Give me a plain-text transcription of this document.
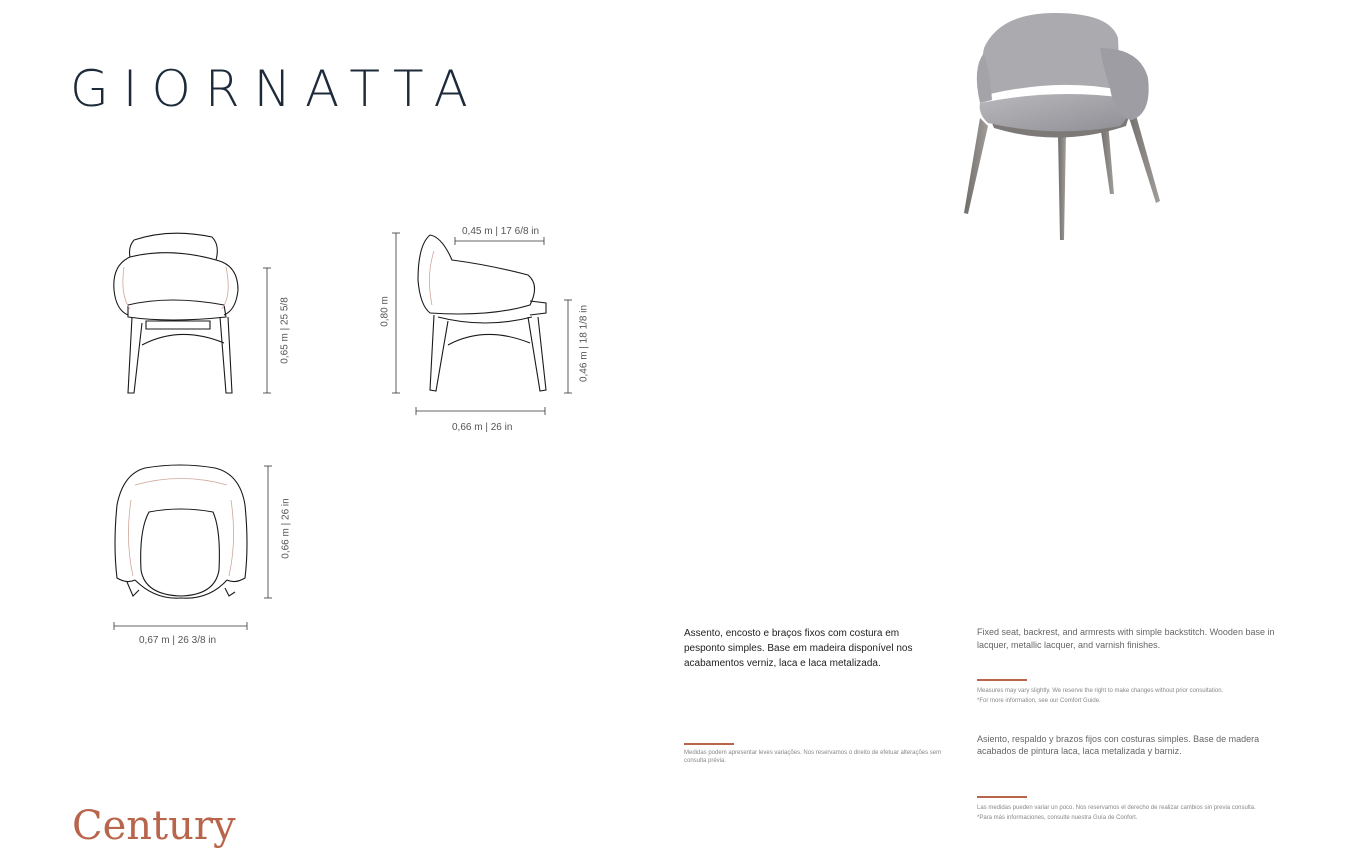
GIORNATTA
0,65 m | 25 5/8	0,80 m
0,45 m | 17 6/8 in
0,46 m | 18 1/8 in
0,66 m | 26 in
0,66 m | 26 in
0,67 m | 26 3/8 in
Assento, encosto e braços fixos com costura em pesponto simples. Base em madeira disponível nos acabamentos verniz, laca e laca metalizada.
Medidas podem apresentar leves variações. Nos reservamos o direito de efetuar alterações sem consulta prévia.
Fixed seat, backrest, and armrests with simple backstitch. Wooden base in lacquer, metallic lacquer, and varnish finishes.
Measures may vary slightly. We reserve the right to make changes without prior consultation.
*For more information, see our Comfort Guide.
Asiento, respaldo y brazos fijos con costuras simples. Base de madera acabados de pintura laca, laca metalizada y barniz.
Las medidas pueden variar un poco. Nos reservamos el derecho de realizar cambios sin previa consulta.
*Para más informaciones, consulte nuestra Guía de Confort.
Century
